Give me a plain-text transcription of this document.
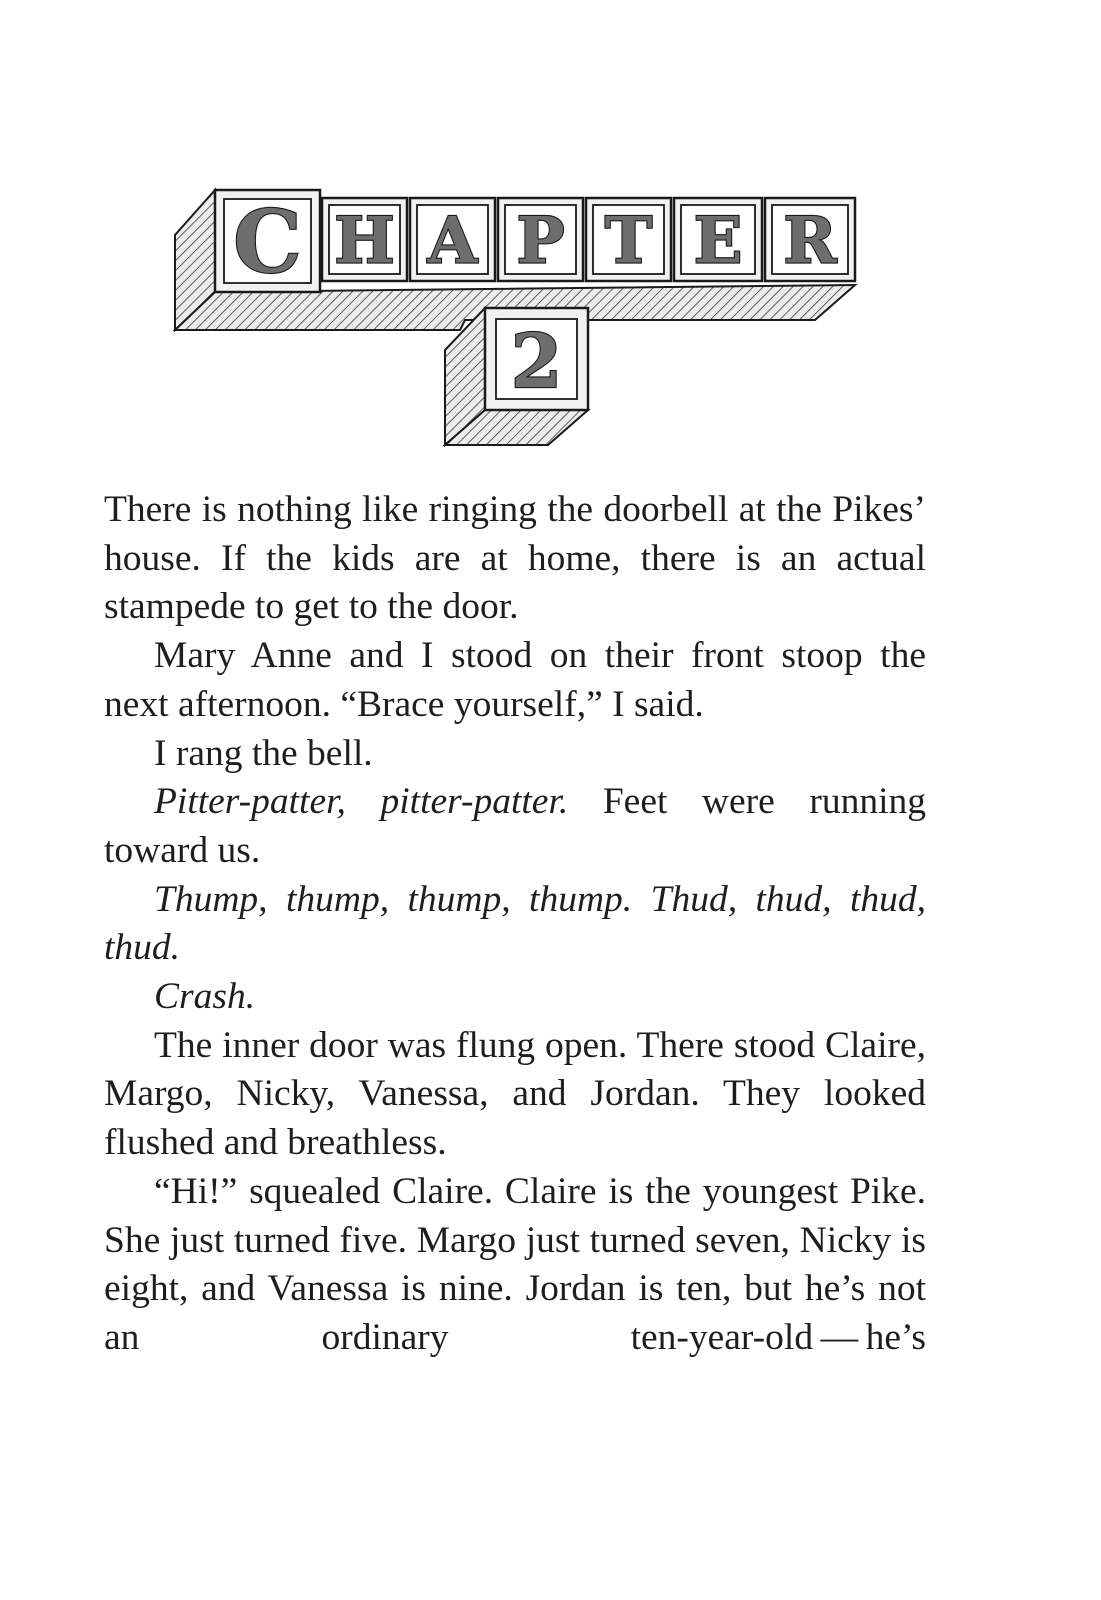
C H A P T E R
2

There is nothing like ringing the doorbell at the Pikes’ house. If the kids are at home, there is an actual stampede to get to the door.

Mary Anne and I stood on their front stoop the next afternoon. “Brace yourself,” I said.

I rang the bell.

Pitter-patter, pitter-patter. Feet were running toward us.

Thump, thump, thump, thump. Thud, thud, thud, thud.

Crash.

The inner door was flung open. There stood Claire, Margo, Nicky, Vanessa, and Jordan. They looked flushed and breathless.

“Hi!” squealed Claire. Claire is the youngest Pike. She just turned five. Margo just turned seven, Nicky is eight, and Vanessa is nine. Jordan is ten, but he’s not an ordinary ten-year-old — he’s
